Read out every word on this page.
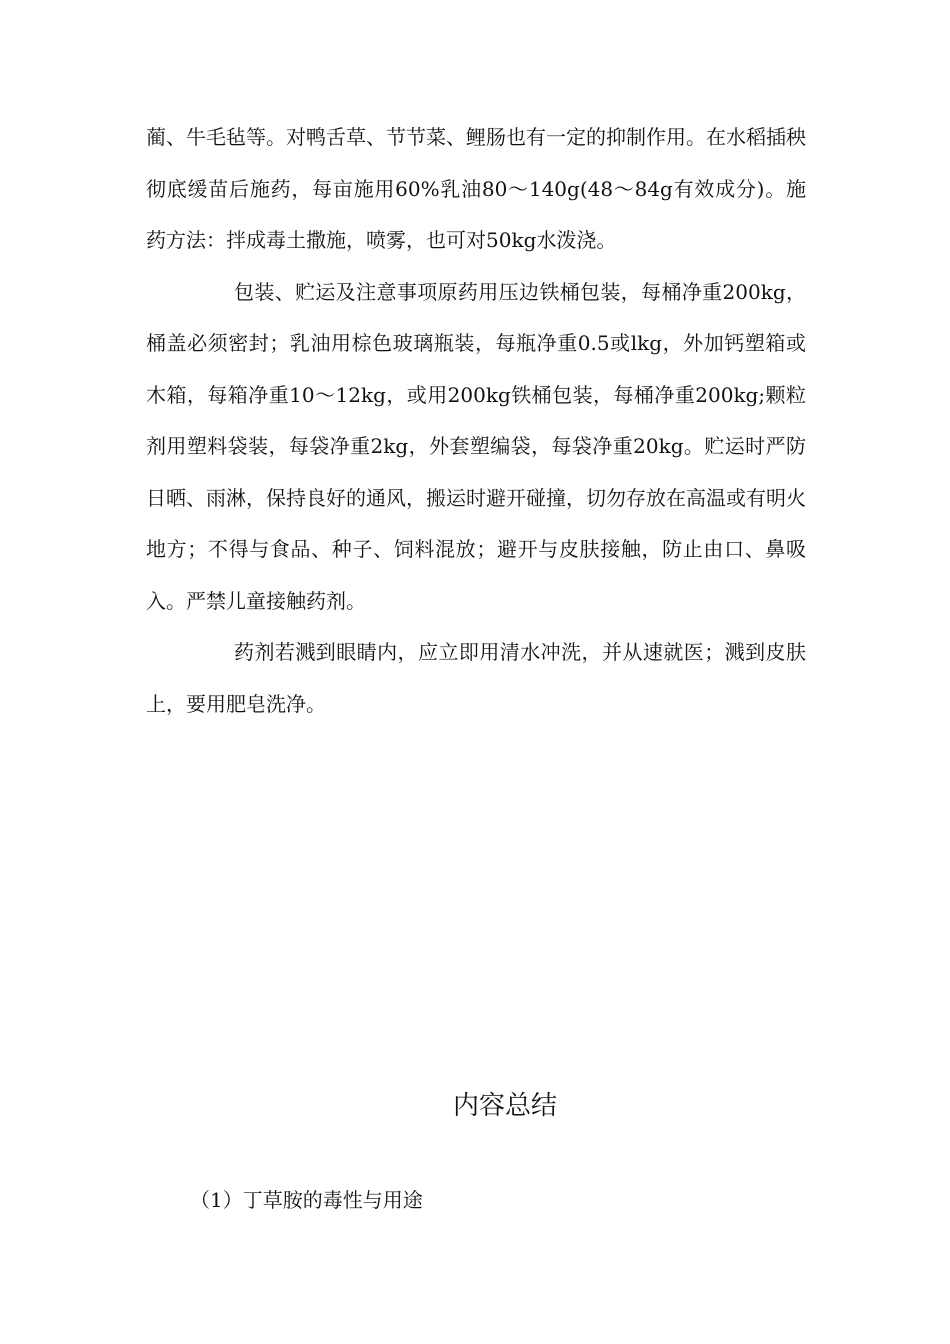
蔺、牛毛毡等。对鸭舌草、节节菜、鲤肠也有一定的抑制作用。在水稻插秧彻底缓苗后施药，每亩施用60%乳油80～140g(48～84g有效成分)。施药方法：拌成毒土撒施，喷雾，也可对50kg水泼浇。

包装、贮运及注意事项原药用压边铁桶包装，每桶净重200kg，桶盖必须密封；乳油用棕色玻璃瓶装，每瓶净重0.5或lkg，外加钙塑箱或木箱，每箱净重10～12kg，或用200kg铁桶包装，每桶净重200kg;颗粒剂用塑料袋装，每袋净重2kg，外套塑编袋，每袋净重20kg。贮运时严防日晒、雨淋，保持良好的通风，搬运时避开碰撞，切勿存放在高温或有明火地方；不得与食品、种子、饲料混放；避开与皮肤接触，防止由口、鼻吸入。严禁儿童接触药剂。

药剂若溅到眼睛内，应立即用清水冲洗，并从速就医；溅到皮肤上，要用肥皂洗净。

内容总结

（1）丁草胺的毒性与用途
